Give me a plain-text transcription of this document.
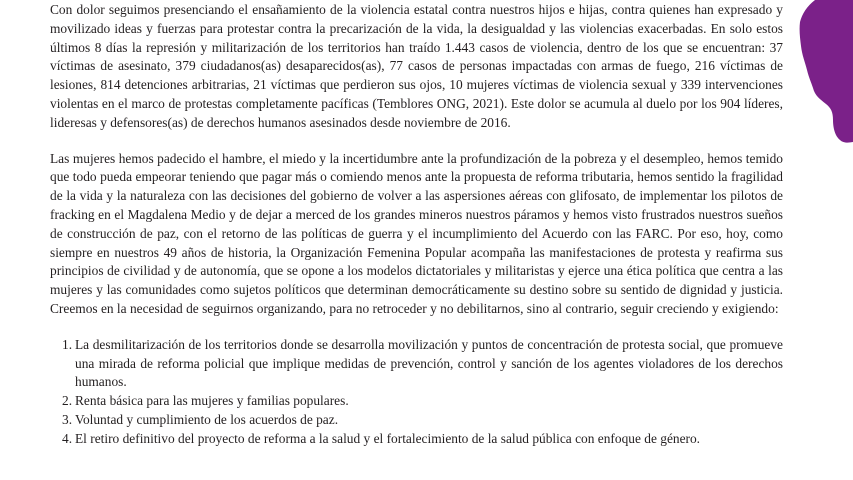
Con dolor seguimos presenciando el ensañamiento de la violencia estatal contra nuestros hijos e hijas, contra quienes han expresado y movilizado ideas y fuerzas para protestar contra la precarización de la vida, la desigualdad y las violencias exacerbadas. En solo estos últimos 8 días la represión y militarización de los territorios han traído 1.443 casos de violencia, dentro de los que se encuentran: 37 víctimas de asesinato, 379 ciudadanos(as) desaparecidos(as), 77 casos de personas impactadas con armas de fuego, 216 víctimas de lesiones, 814 detenciones arbitrarias, 21 víctimas que perdieron sus ojos, 10 mujeres víctimas de violencia sexual y 339 intervenciones violentas en el marco de protestas completamente pacíficas (Temblores ONG, 2021). Este dolor se acumula al duelo por los 904 líderes, lideresas y defensores(as) de derechos humanos asesinados desde noviembre de 2016.

Las mujeres hemos padecido el hambre, el miedo y la incertidumbre ante la profundización de la pobreza y el desempleo, hemos temido que todo pueda empeorar teniendo que pagar más o comiendo menos ante la propuesta de reforma tributaria, hemos sentido la fragilidad de la vida y la naturaleza con las decisiones del gobierno de volver a las aspersiones aéreas con glifosato, de implementar los pilotos de fracking en el Magdalena Medio y de dejar a merced de los grandes mineros nuestros páramos y hemos visto frustrados nuestros sueños de construcción de paz, con el retorno de las políticas de guerra y el incumplimiento del Acuerdo con las FARC. Por eso, hoy, como siempre en nuestros 49 años de historia, la Organización Femenina Popular acompaña las manifestaciones de protesta y reafirma sus principios de civilidad y de autonomía, que se opone a los modelos dictatoriales y militaristas y ejerce una ética política que centra a las mujeres y las comunidades como sujetos políticos que determinan democráticamente su destino sobre su sentido de dignidad y justicia. Creemos en la necesidad de seguirnos organizando, para no retroceder y no debilitarnos, sino al contrario, seguir creciendo y exigiendo:

1. La desmilitarización de los territorios donde se desarrolla movilización y puntos de concentración de protesta social, que promueve una mirada de reforma policial que implique medidas de prevención, control y sanción de los agentes violadores de los derechos humanos.
2. Renta básica para las mujeres y familias populares.
3. Voluntad y cumplimiento de los acuerdos de paz.
4. El retiro definitivo del proyecto de reforma a la salud y el fortalecimiento de la salud pública con enfoque de género.
